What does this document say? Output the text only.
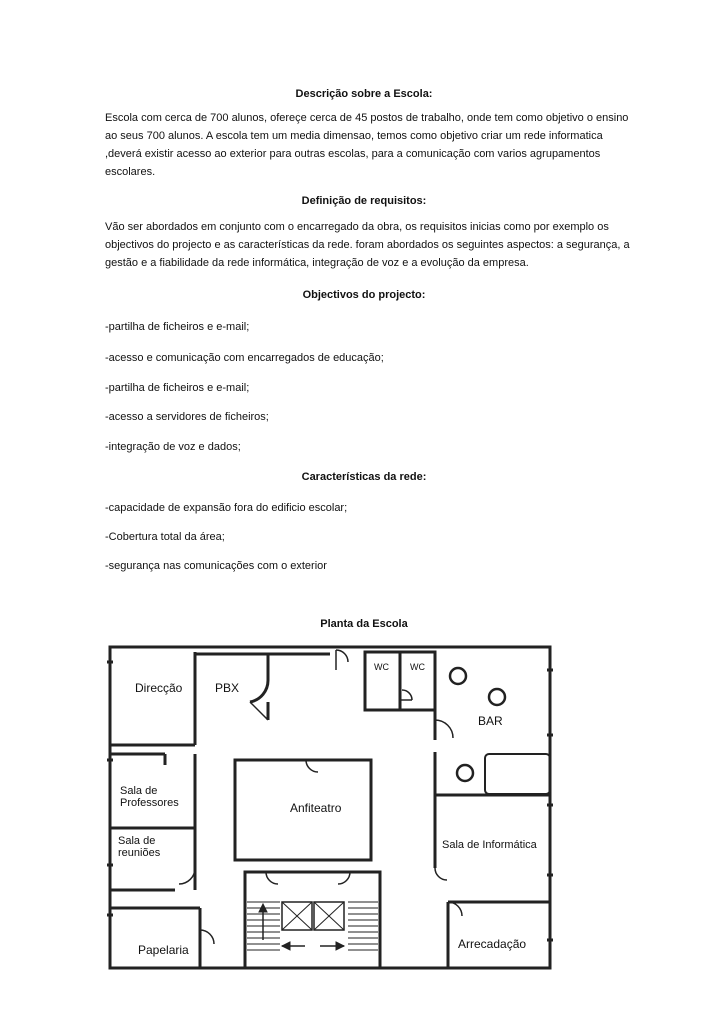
Descrição sobre a Escola:

Escola com cerca de 700 alunos, ofereçe cerca de 45 postos de trabalho, onde tem como objetivo o ensino ao seus 700 alunos. A escola tem um media dimensao, temos como objetivo criar um rede informatica ,deverá existir acesso ao exterior para outras escolas, para a comunicação com varios agrupamentos escolares.

Definição de requisitos:

Vão ser abordados em conjunto com o encarregado da obra, os requisitos inicias como por exemplo os objectivos do projecto e as características da rede. foram abordados os seguintes aspectos: a segurança, a gestão e a fiabilidade da rede informática, integração de voz e a evolução da empresa.

Objectivos do projecto:
-partilha de ficheiros e e-mail;
-acesso e comunicação com encarregados de educação;
-partilha de ficheiros e e-mail;
-acesso a servidores de ficheiros;
-integração de voz e dados;
Características da rede:
-capacidade de expansão fora do edificio escolar;
-Cobertura total da área;
-segurança nas comunicações com o exterior
Planta da Escola
Direcção	PBX
WC WC
BAR
Sala de
Professores	Anfiteatro
Sala de
reuniões
Sala de Informática
Papelaria	Arrecadação
